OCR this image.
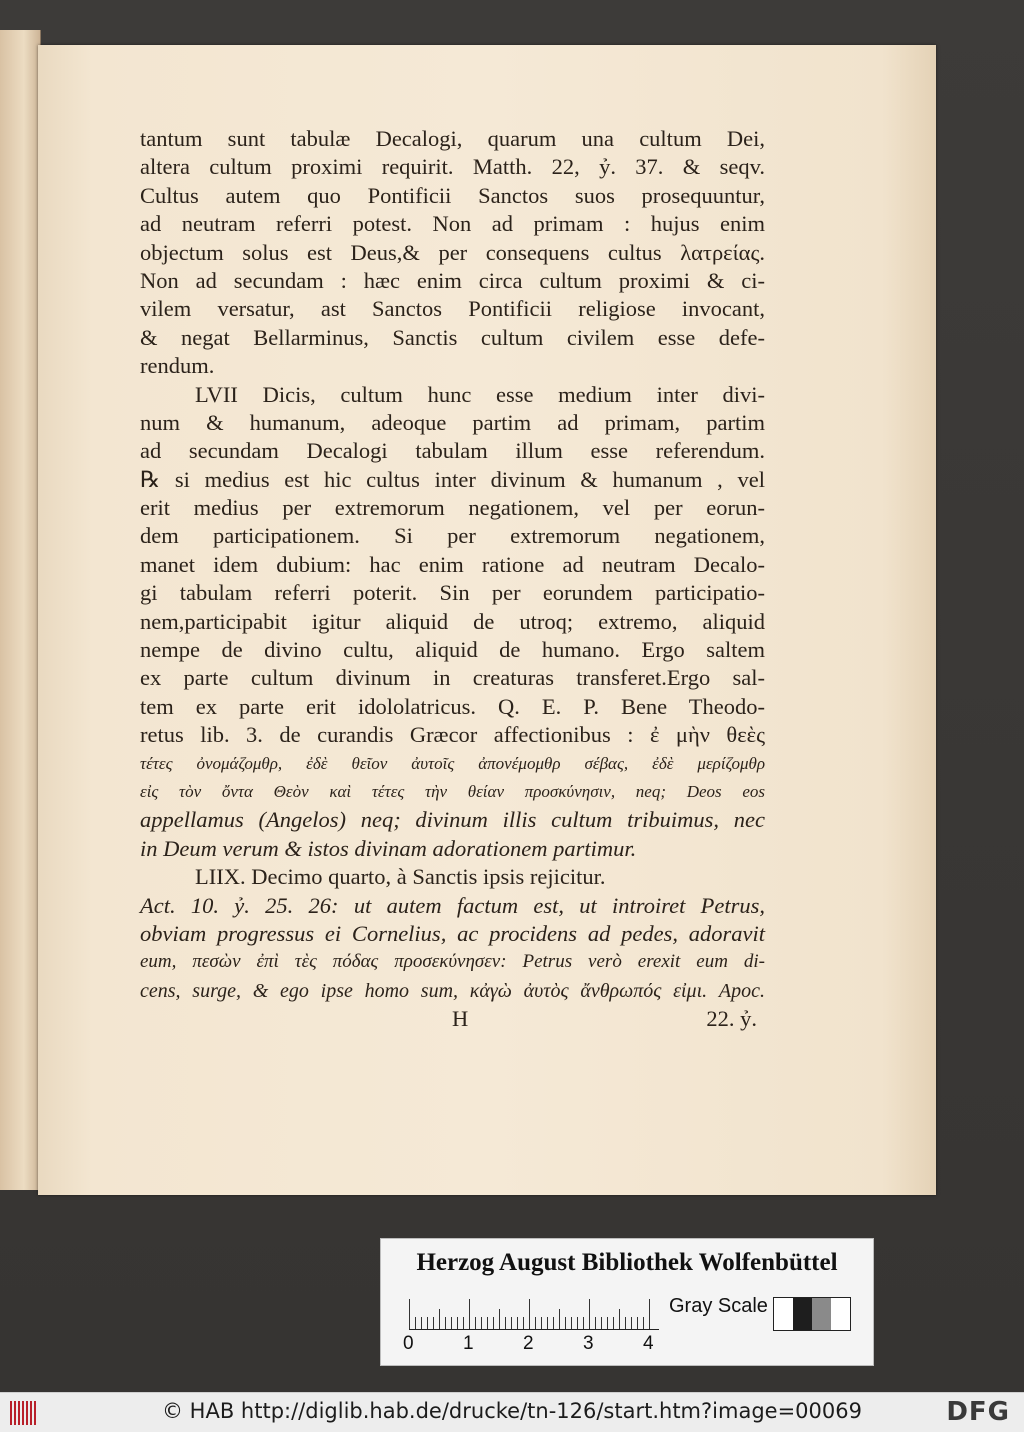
tantum sunt tabulæ Decalogi, quarum una cultum Dei,
altera cultum proximi requirit. Matth. 22, ỷ. 37. & seqv.
Cultus autem quo Pontificii Sanctos suos prosequuntur,
ad neutram referri potest. Non ad primam : hujus enim
objectum solus est Deus,& per consequens cultus λατρείας.
Non ad secundam : hæc enim circa cultum proximi & ci-
vilem versatur, ast Sanctos Pontificii religiose invocant,
& negat Bellarminus, Sanctis cultum civilem esse defe-
rendum.
LVII Dicis, cultum hunc esse medium inter divi-
num & humanum, adeoque partim ad primam, partim
ad secundam Decalogi tabulam illum esse referendum.
℞ si medius est hic cultus inter divinum & humanum , vel
erit medius per extremorum negationem, vel per eorun-
dem participationem. Si per extremorum negationem,
manet idem dubium: hac enim ratione ad neutram Decalo-
gi tabulam referri poterit. Sin per eorundem participatio-
nem,participabit igitur aliquid de utroq; extremo, aliquid
nempe de divino cultu, aliquid de humano. Ergo saltem
ex parte cultum divinum in creaturas transferet.Ergo sal-
tem ex parte erit idololatricus. Q. E. P. Bene Theodo-
retus lib. 3. de curandis Græcor affectionibus : ἐ μὴν θεὲς
τέτες ὀνομάζομθρ, ἐδὲ θεῖον ἀυτοῖς ἀπονέμομθρ σέβας, ἐδὲ μερίζομθρ
εἰς τὸν ὄντα Θεὸν καὶ τέτες τὴν θείαν προσκύνησιν, neq; Deos eos
appellamus (Angelos) neq; divinum illis cultum tribuimus, nec
in Deum verum & istos divinam adorationem partimur.
LIIX. Decimo quarto, à Sanctis ipsis rejicitur.
Act. 10. ỷ. 25. 26: ut autem factum est, ut introiret Petrus,
obviam progressus ei Cornelius, ac procidens ad pedes, adoravit
eum, πεσὼν ἐπὶ τὲς πόδας προσεκύνησεν: Petrus verò erexit eum di-
cens, surge, & ego ipse homo sum, κἀγὼ ἀυτὸς ἄνθρωπός εἰμι. Apoc.
H	22. ỷ.
Herzog August Bibliothek Wolfenbüttel
0	1	2	3	4
Gray Scale
© HAB http://diglib.hab.de/drucke/tn-126/start.htm?image=00069	DFG
